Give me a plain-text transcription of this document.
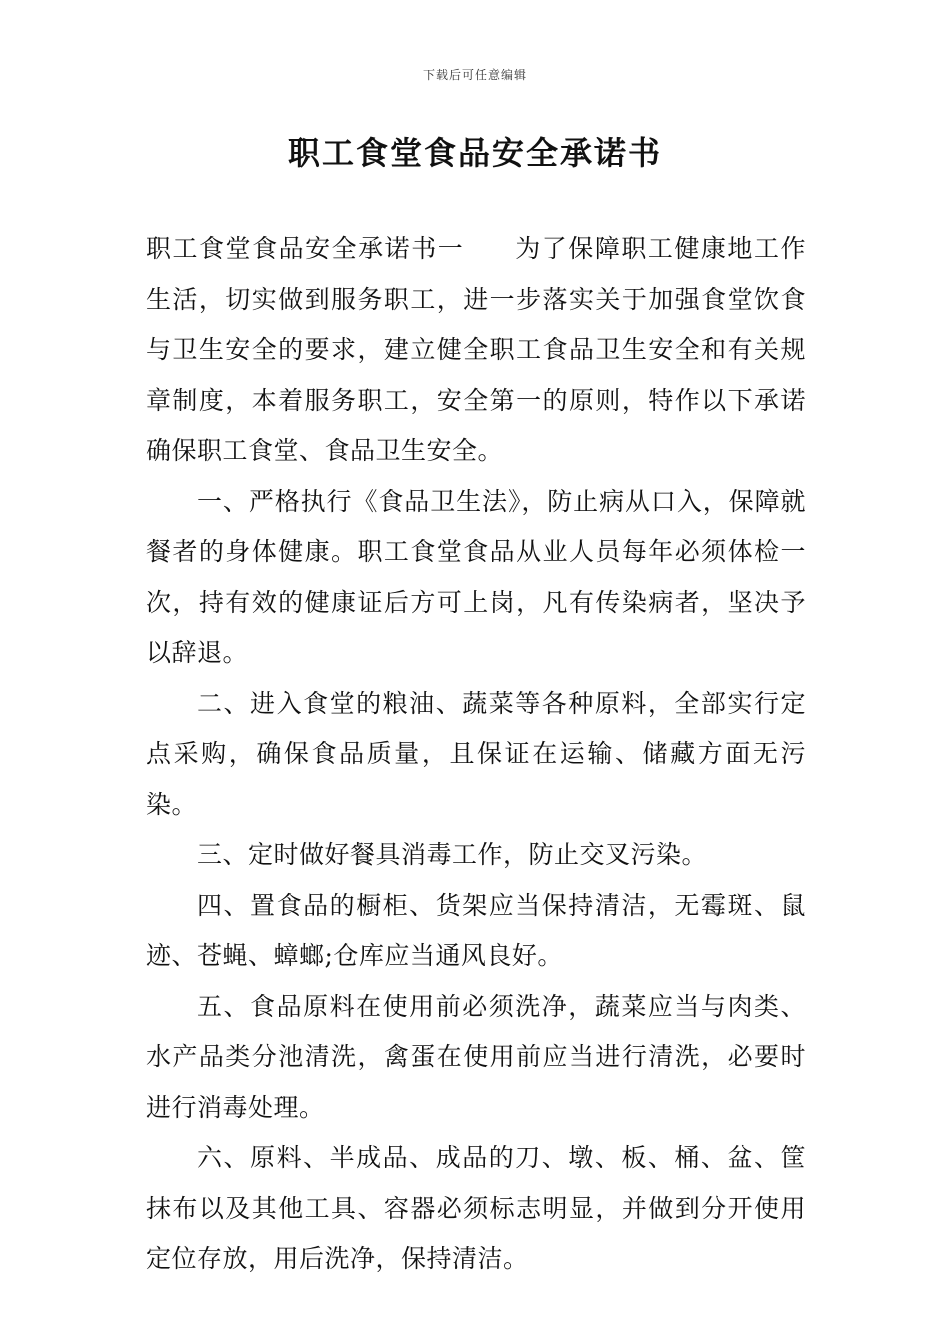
下载后可任意编辑
职工食堂食品安全承诺书

职工食堂食品安全承诺书一 为了保障职工健康地工作生活，切实做到服务职工，进一步落实关于加强食堂饮食与卫生安全的要求，建立健全职工食品卫生安全和有关规章制度，本着服务职工，安全第一的原则，特作以下承诺确保职工食堂、食品卫生安全。

一、严格执行《食品卫生法》，防止病从口入，保障就餐者的身体健康。职工食堂食品从业人员每年必须体检一次，持有效的健康证后方可上岗，凡有传染病者，坚决予以辞退。

二、进入食堂的粮油、蔬菜等各种原料，全部实行定点采购，确保食品质量，且保证在运输、储藏方面无污染。

三、定时做好餐具消毒工作，防止交叉污染。

四、置食品的橱柜、货架应当保持清洁，无霉斑、鼠迹、苍蝇、蟑螂;仓库应当通风良好。

五、食品原料在使用前必须洗净，蔬菜应当与肉类、水产品类分池清洗，禽蛋在使用前应当进行清洗，必要时进行消毒处理。

六、原料、半成品、成品的刀、墩、板、桶、盆、筐抹布以及其他工具、容器必须标志明显，并做到分开使用定位存放，用后洗净，保持清洁。
